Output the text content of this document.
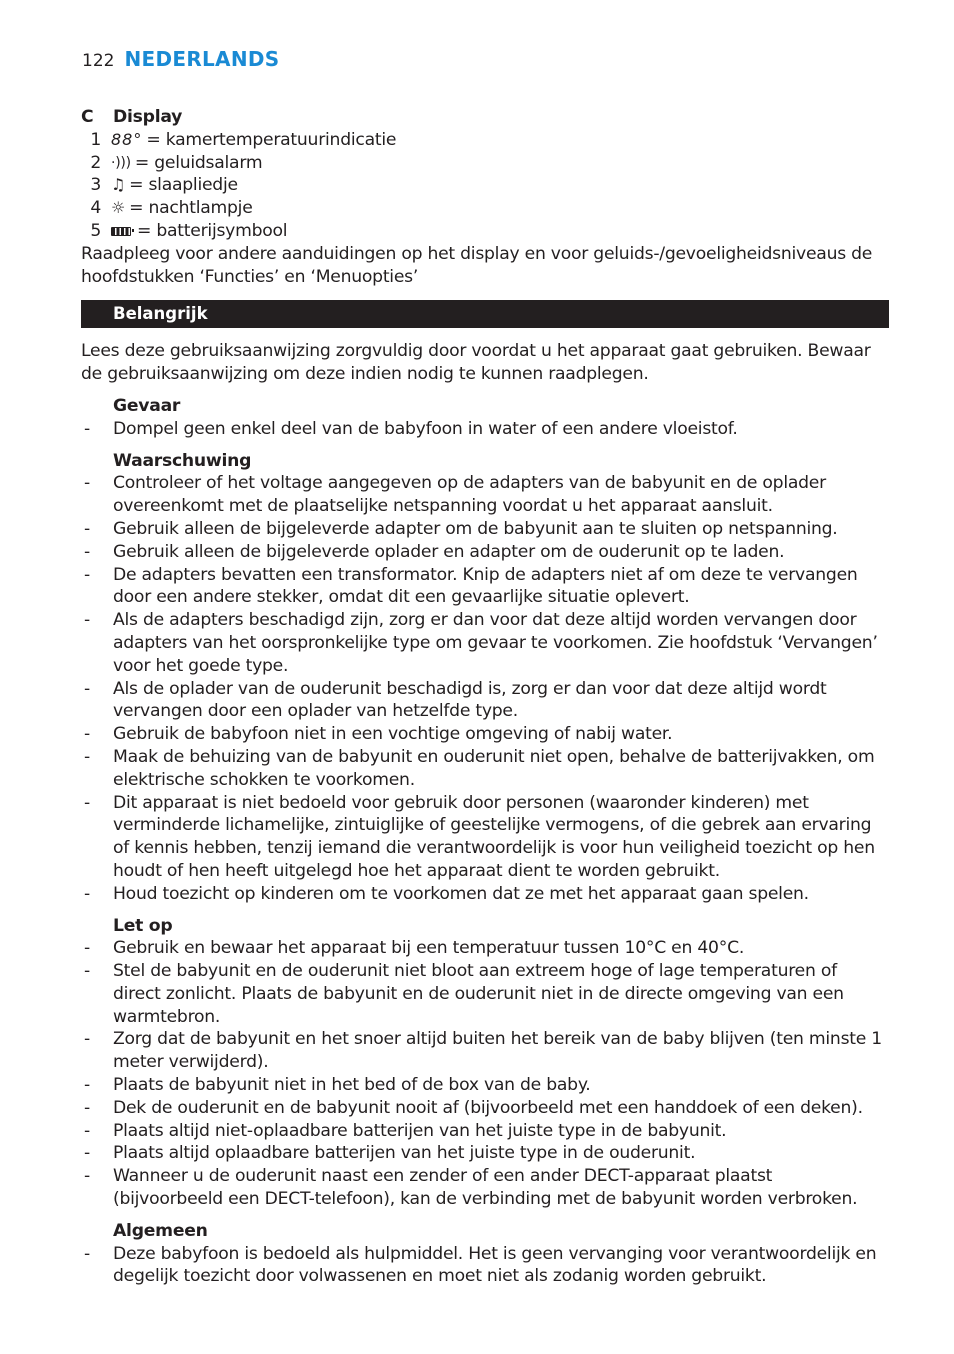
122 NEDERLANDS
C	Display
1 88° = kamertemperatuurindicatie
2 ·))) = geluidsalarm
3 ♫ = slaapliedje
4 ☼ = nachtlampje
5 = batterijsymbool

Raadpleeg voor andere aanduidingen op het display en voor geluids-/gevoeligheidsniveaus de hoofdstukken ‘Functies’ en ‘Menuopties’

Belangrijk

Lees deze gebruiksaanwijzing zorgvuldig door voordat u het apparaat gaat gebruiken. Bewaar de gebruiksaanwijzing om deze indien nodig te kunnen raadplegen.

Gevaar
-	Dompel geen enkel deel van de babyfoon in water of een andere vloeistof.
Waarschuwing
-	Controleer of het voltage aangegeven op de adapters van de babyunit en de oplader overeenkomt met de plaatselijke netspanning voordat u het apparaat aansluit.
-	Gebruik alleen de bijgeleverde adapter om de babyunit aan te sluiten op netspanning.
-	Gebruik alleen de bijgeleverde oplader en adapter om de ouderunit op te laden.
-	De adapters bevatten een transformator. Knip de adapters niet af om deze te vervangen door een andere stekker, omdat dit een gevaarlijke situatie oplevert.
-	Als de adapters beschadigd zijn, zorg er dan voor dat deze altijd worden vervangen door adapters van het oorspronkelijke type om gevaar te voorkomen. Zie hoofdstuk ‘Vervangen’ voor het goede type.
-	Als de oplader van de ouderunit beschadigd is, zorg er dan voor dat deze altijd wordt vervangen door een oplader van hetzelfde type.
-	Gebruik de babyfoon niet in een vochtige omgeving of nabij water.
-	Maak de behuizing van de babyunit en ouderunit niet open, behalve de batterijvakken, om elektrische schokken te voorkomen.
-	Dit apparaat is niet bedoeld voor gebruik door personen (waaronder kinderen) met verminderde lichamelijke, zintuiglijke of geestelijke vermogens, of die gebrek aan ervaring of kennis hebben, tenzij iemand die verantwoordelijk is voor hun veiligheid toezicht op hen houdt of hen heeft uitgelegd hoe het apparaat dient te worden gebruikt.
-	Houd toezicht op kinderen om te voorkomen dat ze met het apparaat gaan spelen.
Let op
-	Gebruik en bewaar het apparaat bij een temperatuur tussen 10°C en 40°C.
-	Stel de babyunit en de ouderunit niet bloot aan extreem hoge of lage temperaturen of direct zonlicht. Plaats de babyunit en de ouderunit niet in de directe omgeving van een warmtebron.
-	Zorg dat de babyunit en het snoer altijd buiten het bereik van de baby blijven (ten minste 1 meter verwijderd).
-	Plaats de babyunit niet in het bed of de box van de baby.
-	Dek de ouderunit en de babyunit nooit af (bijvoorbeeld met een handdoek of een deken).
-	Plaats altijd niet-oplaadbare batterijen van het juiste type in de babyunit.
-	Plaats altijd oplaadbare batterijen van het juiste type in de ouderunit.
-	Wanneer u de ouderunit naast een zender of een ander DECT-apparaat plaatst (bijvoorbeeld een DECT-telefoon), kan de verbinding met de babyunit worden verbroken.
Algemeen
-	Deze babyfoon is bedoeld als hulpmiddel. Het is geen vervanging voor verantwoordelijk en degelijk toezicht door volwassenen en moet niet als zodanig worden gebruikt.
